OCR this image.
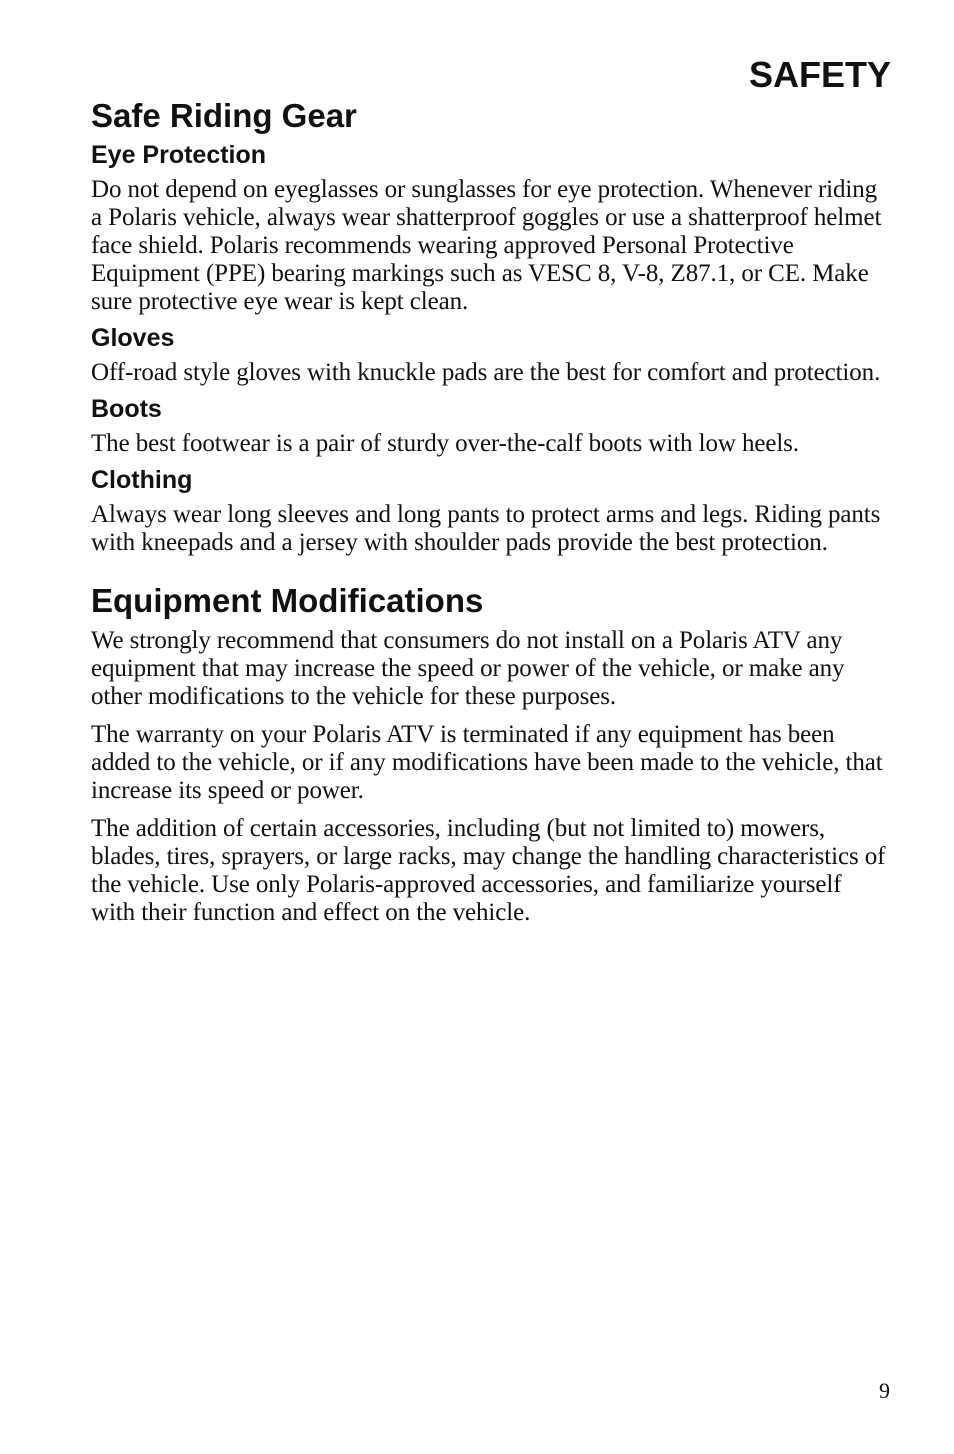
SAFETY
Safe Riding Gear
Eye Protection

Do not depend on eyeglasses or sunglasses for eye protection. Whenever riding a Polaris vehicle, always wear shatterproof goggles or use a shatterproof helmet face shield. Polaris recommends wearing approved Personal Protective Equipment (PPE) bearing markings such as VESC 8, V-8, Z87.1, or CE. Make sure protective eye wear is kept clean.

Gloves

Off-road style gloves with knuckle pads are the best for comfort and protection.

Boots

The best footwear is a pair of sturdy over-the-calf boots with low heels.

Clothing

Always wear long sleeves and long pants to protect arms and legs. Riding pants with kneepads and a jersey with shoulder pads provide the best protection.

Equipment Modifications

We strongly recommend that consumers do not install on a Polaris ATV any equipment that may increase the speed or power of the vehicle, or make any other modifications to the vehicle for these purposes.

The warranty on your Polaris ATV is terminated if any equipment has been added to the vehicle, or if any modifications have been made to the vehicle, that increase its speed or power.

The addition of certain accessories, including (but not limited to) mowers, blades, tires, sprayers, or large racks, may change the handling characteristics of the vehicle. Use only Polaris-approved accessories, and familiarize yourself with their function and effect on the vehicle.

9
